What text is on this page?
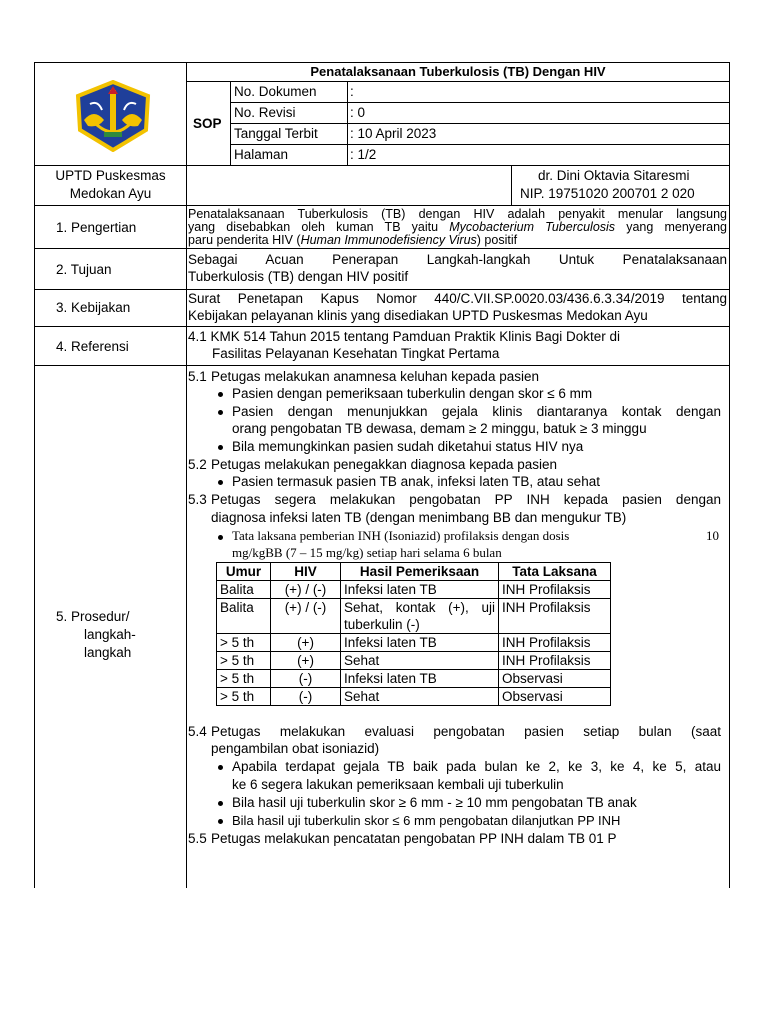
Penatalaksanaan Tuberkulosis (TB) Dengan HIV
SOP
No. Dokumen :
No. Revisi	: 0
Tanggal Terbit : 10 April 2023
Halaman	: 1/2
UPTD Puskesmas
Medokan Ayu
dr. Dini Oktavia Sitaresmi
NIP. 19751020 200701 2 020
1. Pengertian
Penatalaksanaan Tuberkulosis (TB) dengan HIV adalah penyakit menular langsung
yang disebabkan oleh kuman TB yaitu Mycobacterium Tuberculosis yang menyerang
paru penderita HIV (Human Immunodefisiency Virus) positif
2. Tujuan
Sebagai Acuan Penerapan Langkah-langkah Untuk Penatalaksanaan
Tuberkulosis (TB) dengan HIV positif
3. Kebijakan
Surat Penetapan Kapus Nomor 440/C.VII.SP.0020.03/436.6.3.34/2019 tentang
Kebijakan pelayanan klinis yang disediakan UPTD Puskesmas Medokan Ayu
4. Referensi
4.1 KMK 514 Tahun 2015 tentang Pamduan Praktik Klinis Bagi Dokter di
Fasilitas Pelayanan Kesehatan Tingkat Pertama
5. Prosedur/
langkah-
langkah
5.1 Petugas melakukan anamnesa keluhan kepada pasien
Pasien dengan pemeriksaan tuberkulin dengan skor ≤ 6 mm
Pasien dengan menunjukkan gejala klinis diantaranya kontak dengan
orang pengobatan TB dewasa, demam ≥ 2 minggu, batuk ≥ 3 minggu
Bila memungkinkan pasien sudah diketahui status HIV nya
5.2 Petugas melakukan penegakkan diagnosa kepada pasien
Pasien termasuk pasien TB anak, infeksi laten TB, atau sehat
5.3 Petugas segera melakukan pengobatan PP INH kepada pasien dengan
diagnosa infeksi laten TB (dengan menimbang BB dan mengukur TB)
Tata laksana pemberian INH (Isoniazid) profilaksis dengan dosis	10
mg/kgBB (7 – 15 mg/kg) setiap hari selama 6 bulan
Umur	HIV	Hasil Pemeriksaan	Tata Laksana
Balita	(+) / (-)	Infeksi laten TB	INH Profilaksis
Balita	(+) / (-)	Sehat, kontak (+), uji
tuberkulin (-)	INH Profilaksis
> 5 th	(+)	Infeksi laten TB	INH Profilaksis
> 5 th	(+)	Sehat	INH Profilaksis
> 5 th	(-)	Infeksi laten TB	Observasi
> 5 th	(-)	Sehat	Observasi
5.4 Petugas melakukan evaluasi pengobatan pasien setiap bulan (saat
pengambilan obat isoniazid)
Apabila terdapat gejala TB baik pada bulan ke 2, ke 3, ke 4, ke 5, atau
ke 6 segera lakukan pemeriksaan kembali uji tuberkulin
Bila hasil uji tuberkulin skor ≥ 6 mm - ≥ 10 mm pengobatan TB anak
Bila hasil uji tuberkulin skor ≤ 6 mm pengobatan dilanjutkan PP INH
5.5 Petugas melakukan pencatatan pengobatan PP INH dalam TB 01 P
